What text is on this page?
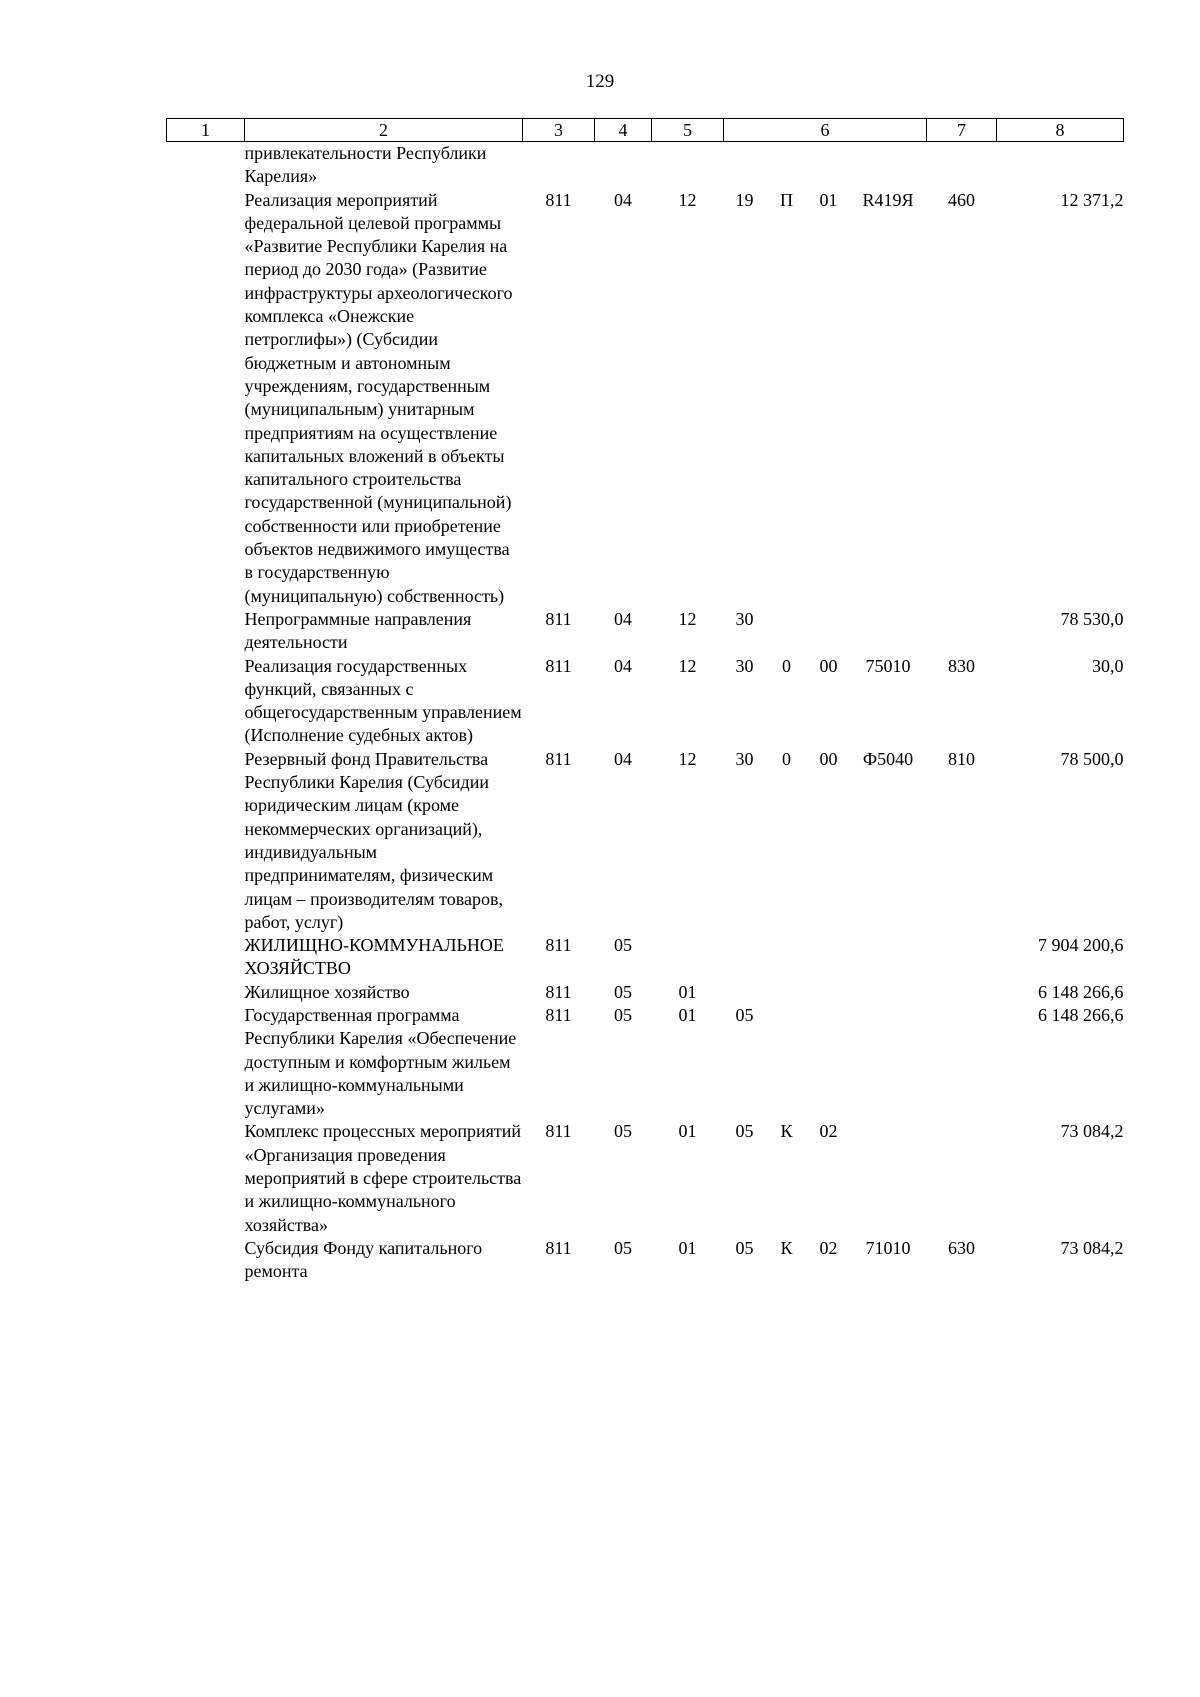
129
1	2	3	4	5	6				7	8
	привлекательности Республики Карелия»									
	Реализация мероприятий федеральной целевой программы «Развитие Республики Карелия на период до 2030 года» (Развитие инфраструктуры археологического комплекса «Онежские петроглифы») (Субсидии бюджетным и автономным учреждениям, государственным (муниципальным) унитарным предприятиям на осуществление капитальных вложений в объекты капитального строительства государственной (муниципальной) собственности или приобретение объектов недвижимого имущества в государственную (муниципальную) собственность)	811	04	12	19	П	01	R419Я	460	12 371,2
	Непрограммные направления деятельности	811	04	12	30					78 530,0
	Реализация государственных функций, связанных с общегосударственным управлением (Исполнение судебных актов)	811	04	12	30	0	00	75010	830	30,0
	Резервный фонд Правительства Республики Карелия (Субсидии юридическим лицам (кроме некоммерческих организаций), индивидуальным предпринимателям, физическим лицам – производителям товаров, работ, услуг)	811	04	12	30	0	00	Ф5040	810	78 500,0
	ЖИЛИЩНО-КОММУНАЛЬНОЕ ХОЗЯЙСТВО	811	05							7 904 200,6
	Жилищное хозяйство	811	05	01						6 148 266,6
	Государственная программа Республики Карелия «Обеспечение доступным и комфортным жильем и жилищно-коммунальными услугами»	811	05	01	05					6 148 266,6
	Комплекс процессных мероприятий «Организация проведения мероприятий в сфере строительства и жилищно-коммунального хозяйства»	811	05	01	05	К	02			73 084,2
	Субсидия Фонду капитального ремонта	811	05	01	05	К	02	71010	630	73 084,2
